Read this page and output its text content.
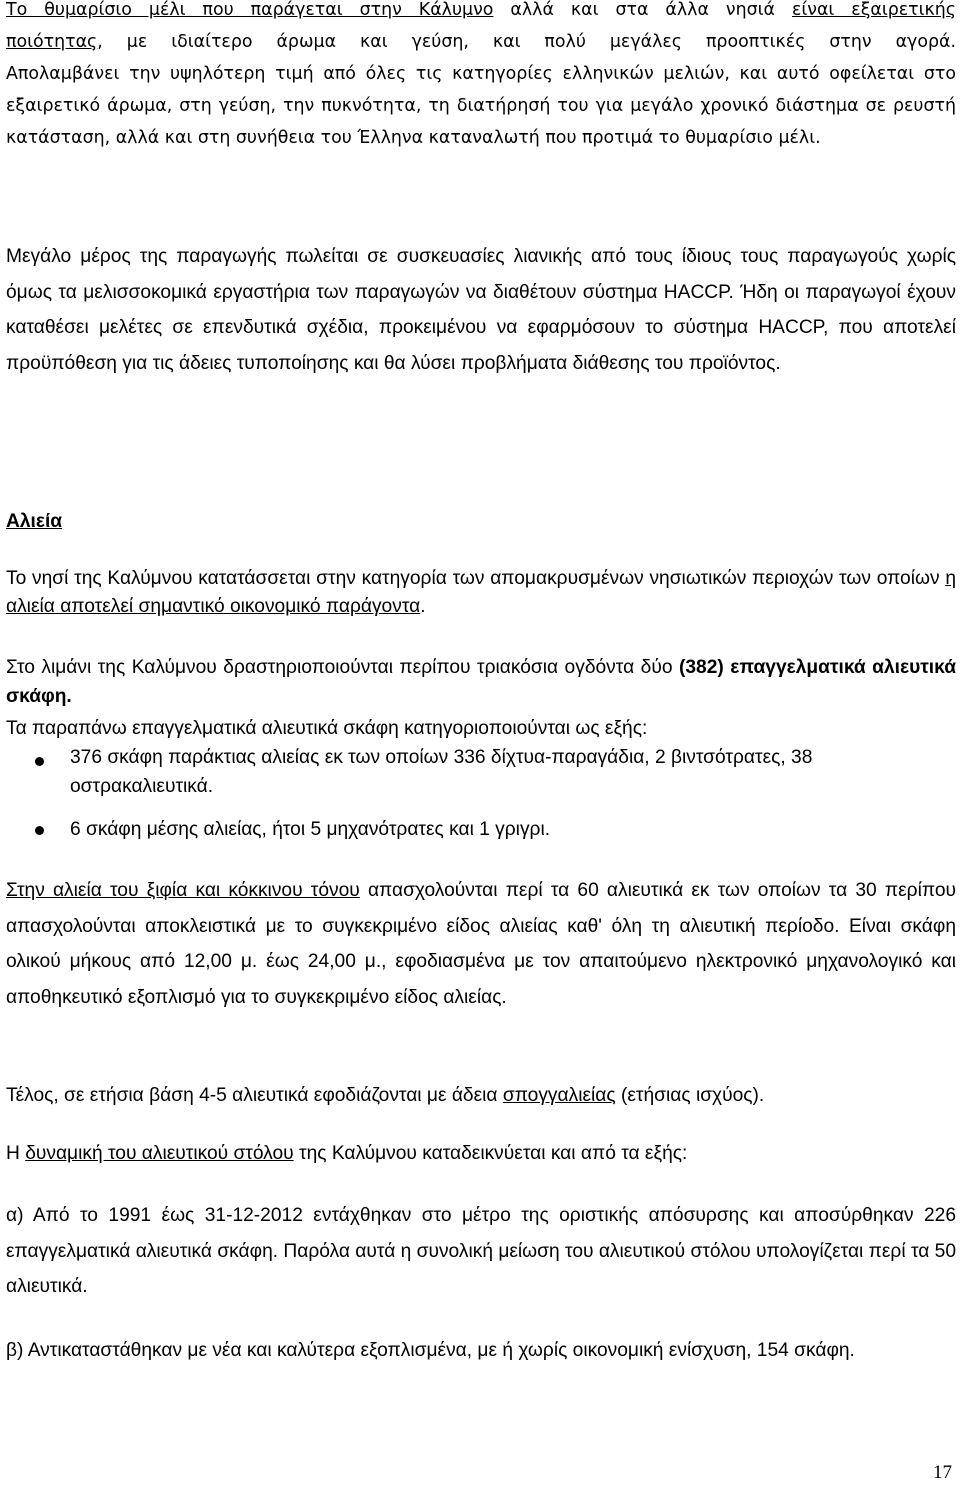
Το θυμαρίσιο μέλι που παράγεται στην Κάλυμνο αλλά και στα άλλα νησιά είναι εξαιρετικής
ποιότητας, με ιδιαίτερο άρωμα και γεύση, και πολύ μεγάλες προοπτικές στην αγορά.
Απολαμβάνει την υψηλότερη τιμή από όλες τις κατηγορίες ελληνικών μελιών, και αυτό οφείλεται στο εξαιρετικό άρωμα, στη γεύση, την πυκνότητα, τη διατήρησή του για μεγάλο χρονικό διάστημα σε ρευστή κατάσταση, αλλά και στη συνήθεια του Έλληνα καταναλωτή που προτιμά το θυμαρίσιο μέλι.

Μεγάλο μέρος της παραγωγής πωλείται σε συσκευασίες λιανικής από τους ίδιους τους παραγωγούς χωρίς όμως τα μελισσοκομικά εργαστήρια των παραγωγών να διαθέτουν σύστημα HACCP. Ήδη οι παραγωγοί έχουν καταθέσει μελέτες σε επενδυτικά σχέδια, προκειμένου να εφαρμόσουν το σύστημα HACCP, που αποτελεί προϋπόθεση για τις άδειες τυποποίησης και θα λύσει προβλήματα διάθεσης του προϊόντος.

Αλιεία

Το νησί της Καλύμνου κατατάσσεται στην κατηγορία των απομακρυσμένων νησιωτικών περιοχών των οποίων η αλιεία αποτελεί σημαντικό οικονομικό παράγοντα.

Στο λιμάνι της Καλύμνου δραστηριοποιούνται περίπου τριακόσια ογδόντα δύο (382) επαγγελματικά αλιευτικά σκάφη.

Τα παραπάνω επαγγελματικά αλιευτικά σκάφη κατηγοριοποιούνται ως εξής:

376 σκάφη παράκτιας αλιείας εκ των οποίων 336 δίχτυα-παραγάδια, 2 βιντσότρατες, 38 οστρακαλιευτικά.

6 σκάφη μέσης αλιείας, ήτοι 5 μηχανότρατες και 1 γριγρι.

Στην αλιεία του ξιφία και κόκκινου τόνου απασχολούνται περί τα 60 αλιευτικά εκ των οποίων τα 30 περίπου απασχολούνται αποκλειστικά με το συγκεκριμένο είδος αλιείας καθ' όλη τη αλιευτική περίοδο. Είναι σκάφη ολικού μήκους από 12,00 μ. έως 24,00 μ., εφοδιασμένα με τον απαιτούμενο ηλεκτρονικό μηχανολογικό και αποθηκευτικό εξοπλισμό για το συγκεκριμένο είδος αλιείας.

Τέλος, σε ετήσια βάση 4-5 αλιευτικά εφοδιάζονται με άδεια σπογγαλιείας (ετήσιας ισχύος).

Η δυναμική του αλιευτικού στόλου της Καλύμνου καταδεικνύεται και από τα εξής:

α) Από το 1991 έως 31-12-2012 εντάχθηκαν στο μέτρο της οριστικής απόσυρσης και αποσύρθηκαν 226 επαγγελματικά αλιευτικά σκάφη. Παρόλα αυτά η συνολική μείωση του αλιευτικού στόλου υπολογίζεται περί τα 50 αλιευτικά.

β) Αντικαταστάθηκαν με νέα και καλύτερα εξοπλισμένα, με ή χωρίς οικονομική ενίσχυση, 154 σκάφη.

17
